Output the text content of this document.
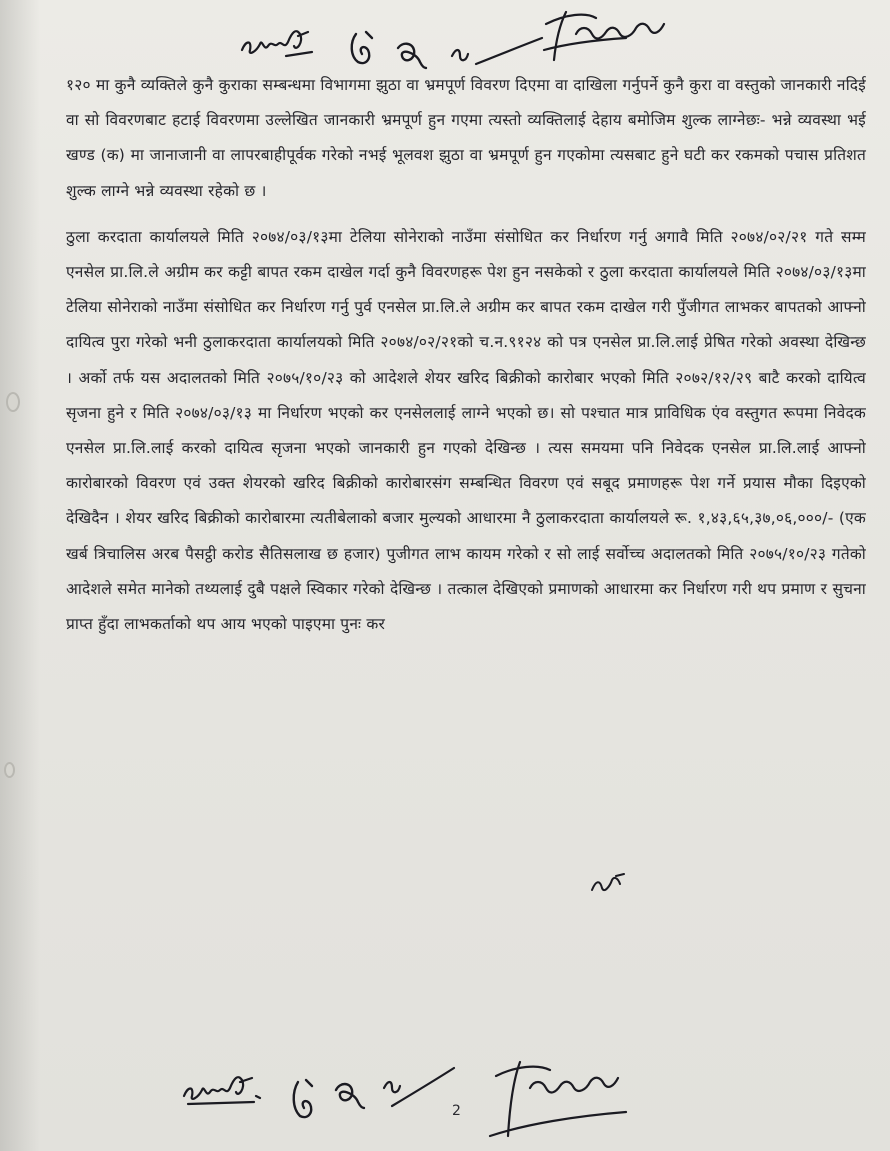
१२० मा कुनै व्यक्तिले कुनै कुराका सम्बन्धमा विभागमा झुठा वा भ्रमपूर्ण विवरण दिएमा वा दाखिला गर्नुपर्ने कुनै कुरा वा वस्तुको जानकारी नदिई वा सो विवरणबाट हटाई विवरणमा उल्लेखित जानकारी भ्रमपूर्ण हुन गएमा त्यस्तो व्यक्तिलाई देहाय बमोजिम शुल्क लाग्नेछः- भन्ने व्यवस्था भई खण्ड (क) मा जानाजानी वा लापरबाहीपूर्वक गरेको नभई भूलवश झुठा वा भ्रमपूर्ण हुन गएकोमा त्यसबाट हुने घटी कर रकमको पचास प्रतिशत शुल्क लाग्ने भन्ने व्यवस्था रहेको छ ।

ठुला करदाता कार्यालयले मिति २०७४/०३/१३मा टेलिया सोनेराको नाउँमा संसोधित कर निर्धारण गर्नु अगावै मिति २०७४/०२/२१ गते सम्म एनसेल प्रा.लि.ले अग्रीम कर कट्टी बापत रकम दाखेल गर्दा कुनै विवरणहरू पेश हुन नसकेको र ठुला करदाता कार्यालयले मिति २०७४/०३/१३मा टेलिया सोनेराको नाउँमा संसोधित कर निर्धारण गर्नु पुर्व एनसेल प्रा.लि.ले अग्रीम कर बापत रकम दाखेल गरी पुँजीगत लाभकर बापतको आफ्नो दायित्व पुरा गरेको भनी ठुलाकरदाता कार्यालयको मिति २०७४/०२/२१को च.न.९१२४ को पत्र एनसेल प्रा.लि.लाई प्रेषित गरेको अवस्था देखिन्छ । अर्को तर्फ यस अदालतको मिति २०७५/१०/२३ को आदेशले शेयर खरिद बिक्रीको कारोबार भएको मिति २०७२/१२/२९ बाटै करको दायित्व सृजना हुने र मिति २०७४/०३/१३ मा निर्धारण भएको कर एनसेललाई लाग्ने भएको छ। सो पश्चात मात्र प्राविधिक एंव वस्तुगत रूपमा निवेदक एनसेल प्रा.लि.लाई करको दायित्व सृजना भएको जानकारी हुन गएको देखिन्छ । त्यस समयमा पनि निवेदक एनसेल प्रा.लि.लाई आफ्नो कारोबारको विवरण एवं उक्त शेयरको खरिद बिक्रीको कारोबारसंग सम्बन्धित विवरण एवं सबूद प्रमाणहरू पेश गर्ने प्रयास मौका दिइएको देखिदैन । शेयर खरिद बिक्रीको कारोबारमा त्यतीबेलाको बजार मुल्यको आधारमा नै ठुलाकरदाता कार्यालयले रू. १,४३,६५,३७,०६,०००/- (एक खर्ब त्रिचालिस अरब पैसट्ठी करोड सैतिसलाख छ हजार) पुजीगत लाभ कायम गरेको र सो लाई सर्वोच्च अदालतको मिति २०७५/१०/२३ गतेको आदेशले समेत मानेको तथ्यलाई दुबै पक्षले स्विकार गरेको देखिन्छ । तत्काल देखिएको प्रमाणको आधारमा कर निर्धारण गरी थप प्रमाण र सुचना प्राप्त हुँदा लाभकर्ताको थप आय भएको पाइएमा पुनः कर

2
